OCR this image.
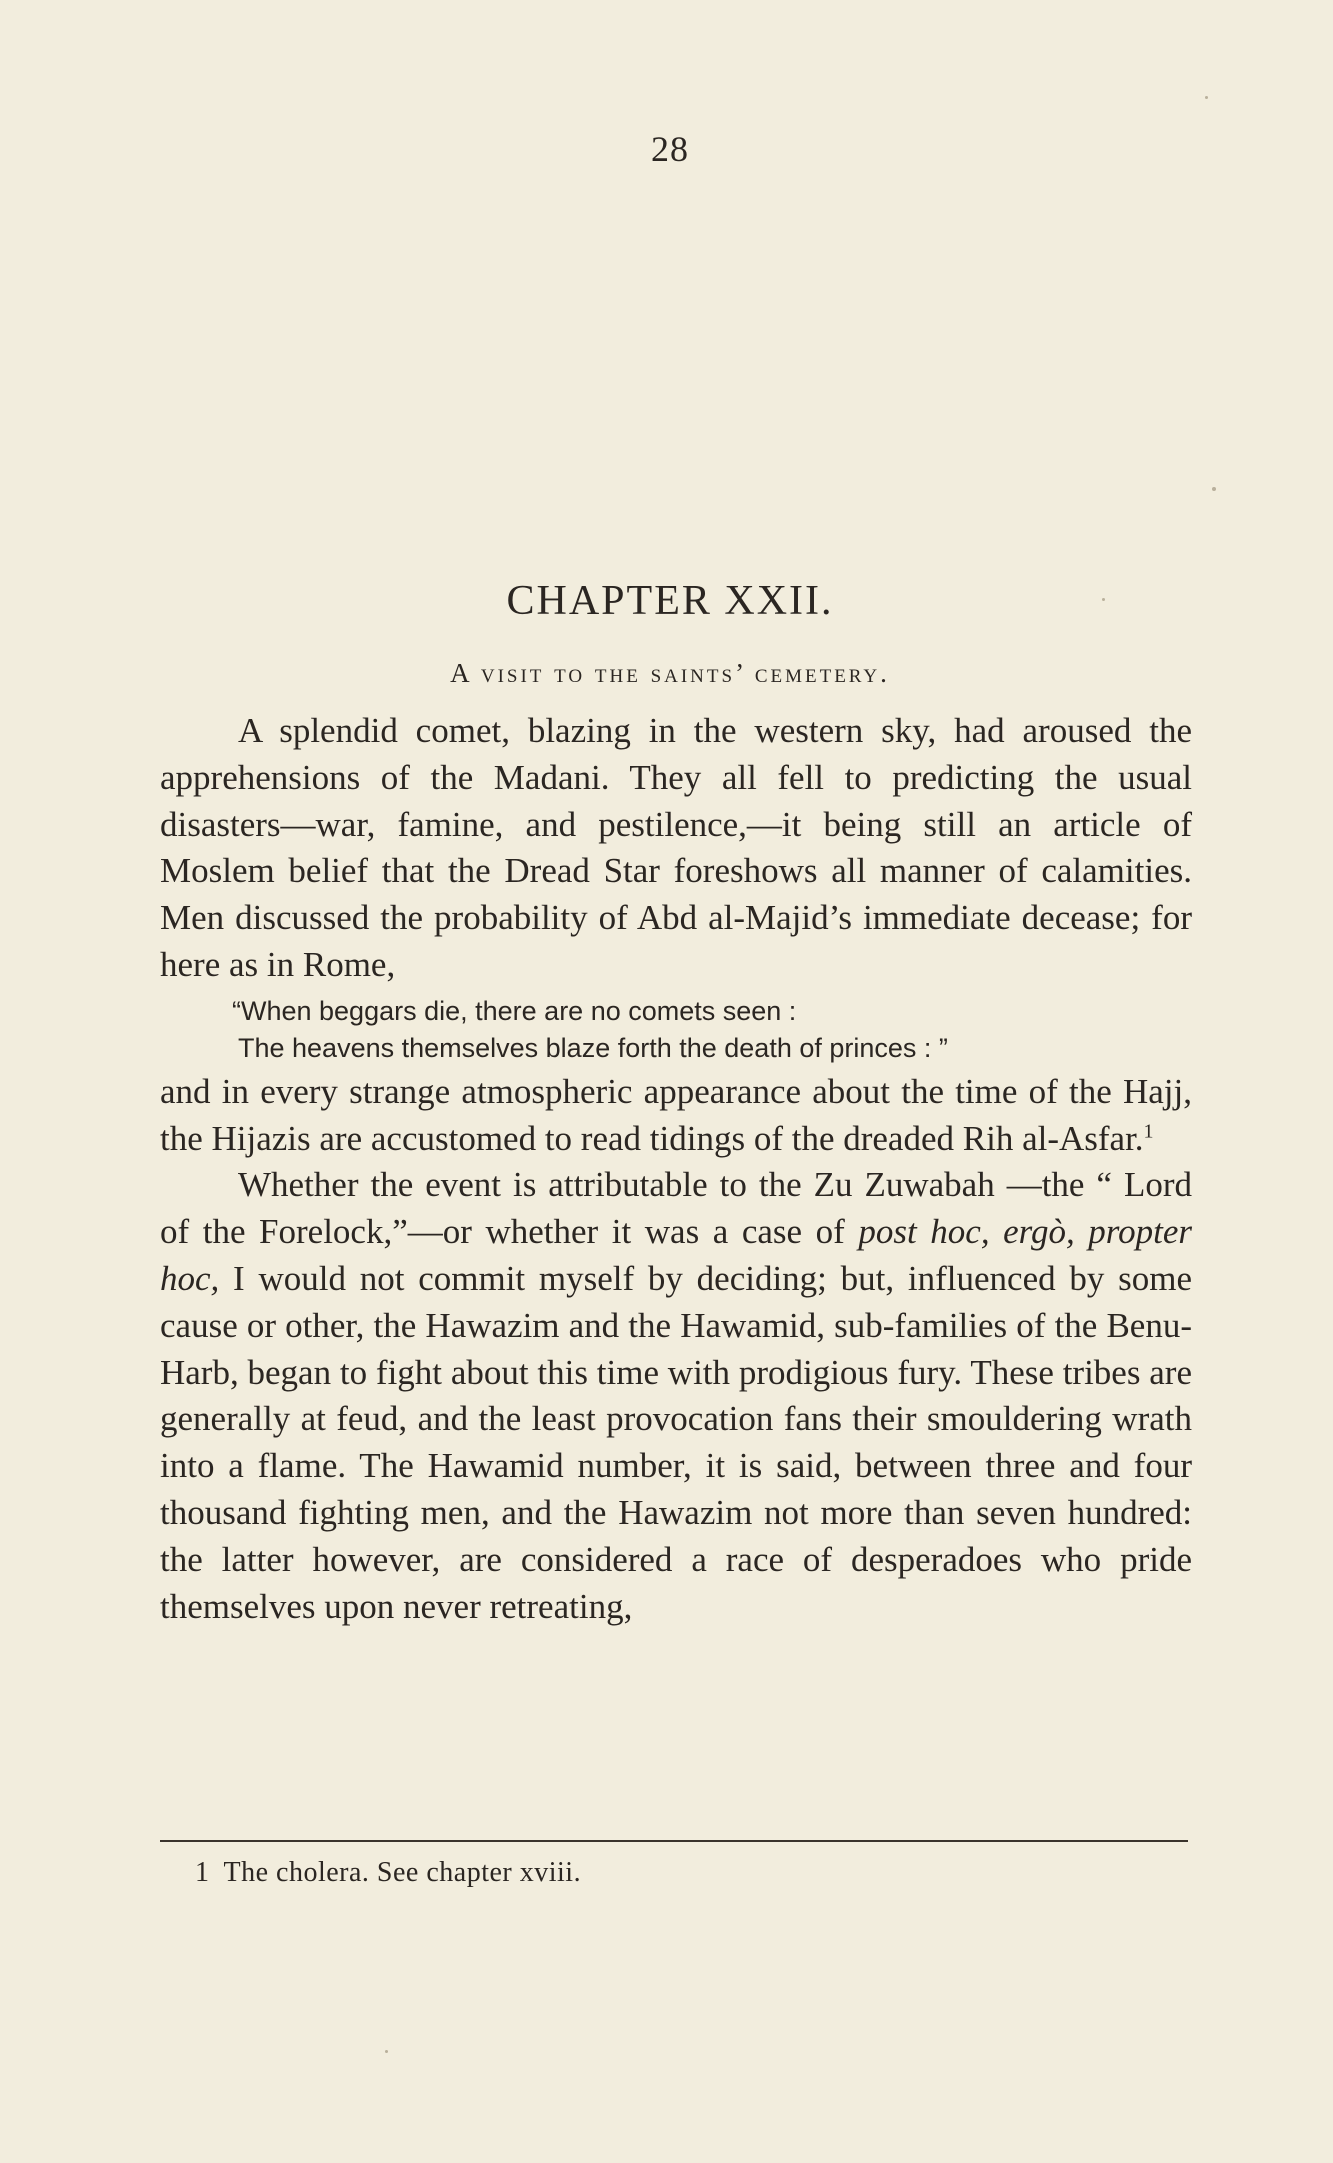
28
CHAPTER XXII.
A visit to the saints’ cemetery.

A splendid comet, blazing in the western sky, had aroused the apprehensions of the Madani. They all fell to predicting the usual disasters—war, famine, and pestilence,—it being still an article of Moslem belief that the Dread Star foreshows all manner of calamities. Men discussed the probability of Abd al-Majid’s immediate decease; for here as in Rome,

“When beggars die, there are no comets seen :
The heavens themselves blaze forth the death of princes : ”

and in every strange atmospheric appearance about the time of the Hajj, the Hijazis are accustomed to read tidings of the dreaded Rih al-Asfar.$^1$

Whether the event is attributable to the Zu Zuwabah —the “ Lord of the Forelock,”—or whether it was a case of post hoc, ergò, propter hoc, I would not commit myself by deciding; but, influenced by some cause or other, the Hawazim and the Hawamid, sub-families of the Benu-Harb, began to fight about this time with prodigious fury. These tribes are generally at feud, and the least provocation fans their smouldering wrath into a flame. The Hawamid number, it is said, between three and four thousand fighting men, and the Hawazim not more than seven hundred: the latter however, are considered a race of desperadoes who pride themselves upon never retreating,

1 The cholera. See chapter xviii.
